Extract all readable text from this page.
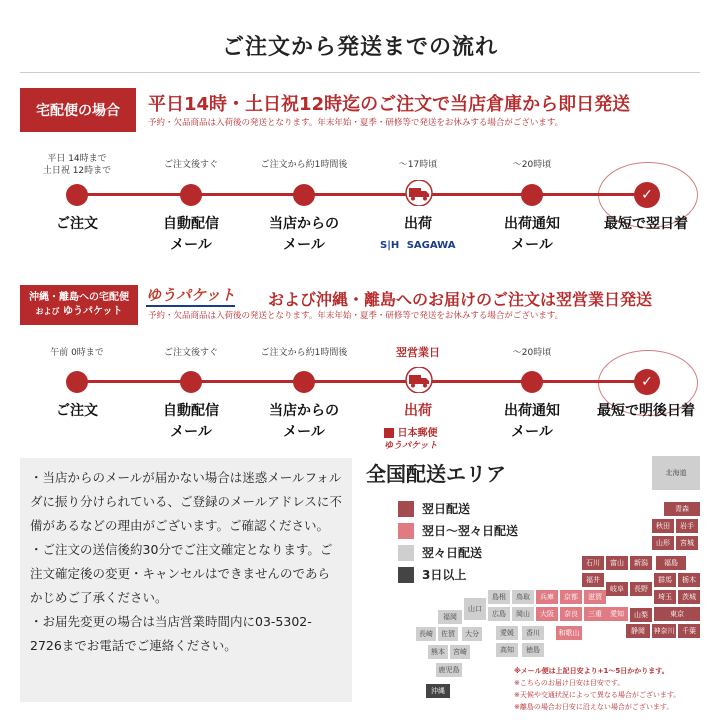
ご注文から発送までの流れ
宅配便の場合 平日14時・土日祝12時迄のご注文で当店倉庫から即日発送
予約・欠品商品は入荷後の発送となります。年末年始・夏季・研修等で発送をお休みする場合がございます。
平日 14時まで
土日祝 12時まで
ご注文
ご注文後すぐ
自動配信
メール
ご注文から約1時間後
当店からの
メール
～17時頃
出荷
S|H SAGAWA
～20時頃
出荷通知
メール
✓
最短で翌日着
沖縄・離島への宅配便
および ゆうパケット
ゆうパケット および沖縄・離島へのお届けのご注文は翌営業日発送
予約・欠品商品は入荷後の発送となります。年末年始・夏季・研修等で発送をお休みする場合がございます。
午前 0時まで
ご注文
ご注文後すぐ
自動配信
メール
ご注文から約1時間後
当店からの
メール
翌営業日
出荷
日本郵便
ゆうパケット
～20時頃
出荷通知
メール
✓
最短で明後日着

・当店からのメールが届かない場合は迷惑メールフォルダに振り分けられている、ご登録のメールアドレスに不備があるなどの理由がございます。ご確認ください。

・ご注文の送信後約30分でご注文確定となります。ご注文確定後の変更・キャンセルはできませんのであらかじめご了承ください。

・お届先変更の場合は当店営業時間内に03-5302-2726までお電話でご連絡ください。

全国配送エリア
翌日配送
翌日～翌々日配送
翌々日配送
3日以上
北海道
青森
秋田	岩手
山形	宮城
石川	富山	新潟	福島
福井
岐阜	長野
群馬	栃木
埼玉	茨城
島根	鳥取	兵庫	京都	滋賀
山梨
山口
広島	岡山	大阪	奈良	三重	愛知	東京
福岡
香川	和歌山	静岡	神奈川	千葉
長崎	佐賀	大分	愛媛
徳島
熊本	宮崎	高知
鹿児島
沖縄
※メール便は上記日安より+1～5日かかります。
※こちらのお届け日安は目安です。
※天候や交通状況によって異なる場合がございます。
※離島の場合お日安に沿えない場合がございます。
